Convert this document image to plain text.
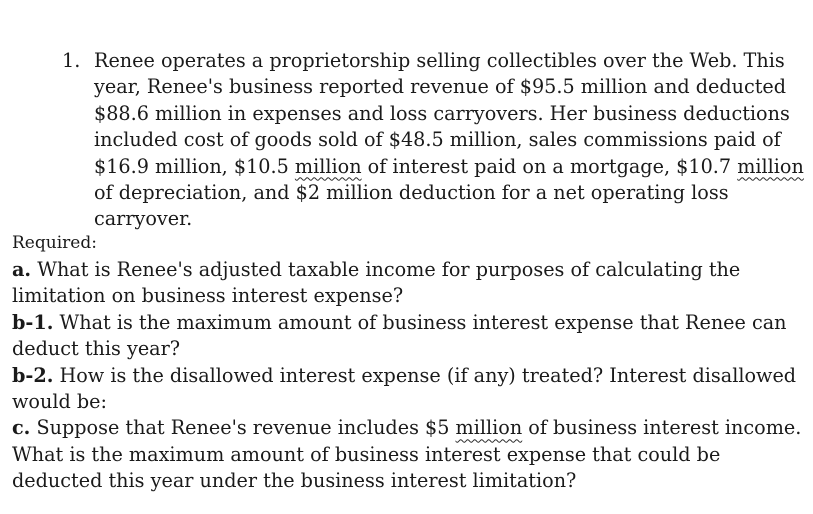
1. Renee operates a proprietorship selling collectibles over the Web. This
year, Renee's business reported revenue of $95.5 million and deducted
$88.6 million in expenses and loss carryovers. Her business deductions
included cost of goods sold of $48.5 million, sales commissions paid of
$16.9 million, $10.5 million of interest paid on a mortgage, $10.7 million
of depreciation, and $2 million deduction for a net operating loss
carryover.
Required:
a. What is Renee's adjusted taxable income for purposes of calculating the
limitation on business interest expense?
b-1. What is the maximum amount of business interest expense that Renee can
deduct this year?
b-2. How is the disallowed interest expense (if any) treated? Interest disallowed
would be:
c. Suppose that Renee's revenue includes $5 million of business interest income.
What is the maximum amount of business interest expense that could be
deducted this year under the business interest limitation?
